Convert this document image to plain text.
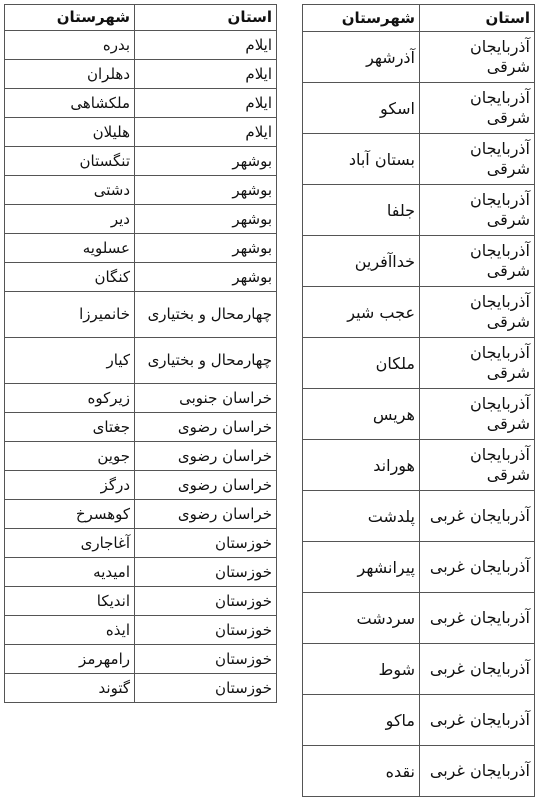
استان	شهرستان
آذربایجان شرقی	آذرشهر
آذربایجان شرقی	اسکو
آذربایجان شرقی	بستان آباد
آذربایجان شرقی	جلفا
آذربایجان شرقی	خداآفرین
آذربایجان شرقی	عجب شیر
آذربایجان شرقی	ملکان
آذربایجان شرقی	هریس
آذربایجان شرقی	هوراند
آذربایجان غربی	پلدشت
آذربایجان غربی	پیرانشهر
آذربایجان غربی	سردشت
آذربایجان غربی	شوط
آذربایجان غربی	ماکو
آذربایجان غربی	نقده
استان	شهرستان
ایلام	بدره
ایلام	دهلران
ایلام	ملکشاهی
ایلام	هلیلان
بوشهر	تنگستان
بوشهر	دشتی
بوشهر	دیر
بوشهر	عسلویه
بوشهر	کنگان
چهارمحال و بختیاری	خانمیرزا
چهارمحال و بختیاری	کیار
خراسان جنوبی	زیرکوه
خراسان رضوی	جغتای
خراسان رضوی	جوین
خراسان رضوی	درگز
خراسان رضوی	کوهسرخ
خوزستان	آغاجاری
خوزستان	امیدیه
خوزستان	اندیکا
خوزستان	ایذه
خوزستان	رامهرمز
خوزستان	گتوند
